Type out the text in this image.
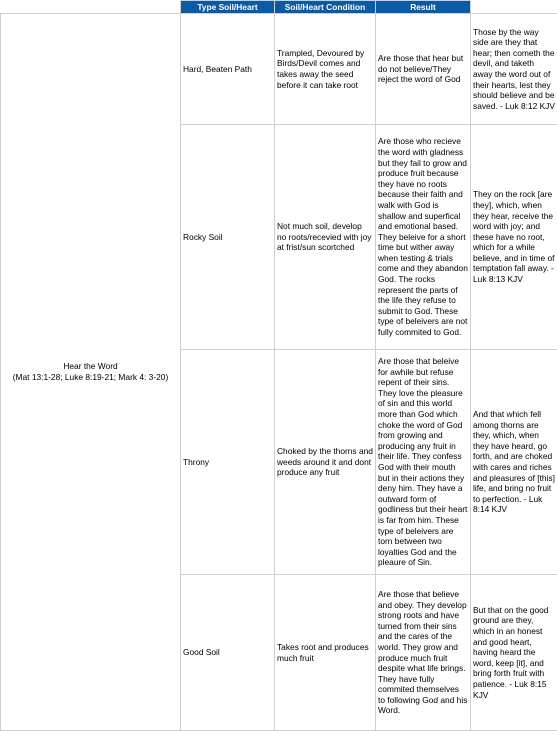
	Type Soil/Heart	Soil/Heart Condition	Result	

Hear the Word
(Mat 13:1-28; Luke 8:19-21; Mark 4: 3-20)	Hard, Beaten Path	Trampled, Devoured by Birds/Devil comes and takes away the seed before it can take root	Are those that hear but do not believe/They reject the word of God	Those by the way side are they that hear; then cometh the devil, and taketh away the word out of their hearts, lest they should believe and be saved. - Luk 8:12 KJV
	Rocky Soil	Not much soil, develop no roots/recevied with joy at frist/sun scortched	Are those who recieve the word with gladness but they fail to grow and produce fruit because they have no roots because their faith and walk with God is shallow and superfical and emotional based. They beleive for a short time but wither away when testing & trials come and they abandon God. The rocks represent the parts of the life they refuse to submit to God. These type of beleivers are not fully commited to God.	They on the rock [are they], which, when they hear, receive the word with joy; and these have no root, which for a while believe, and in time of temptation fall away. - Luk 8:13 KJV
	Throny	Choked by the thorns and weeds around it and dont produce any fruit	Are those that beleive for awhile but refuse repent of their sins. They love the pleasure of sin and this world more than God which choke the word of God from growing and producing any fruit in their life. They confess God with their mouth but in their actions they deny him. They have a outward form of godliness but their heart is far from him. These type of beleivers are torn between two loyalties God and the pleaure of Sin.	And that which fell among thorns are they, which, when they have heard, go forth, and are choked with cares and riches and pleasures of [this] life, and bring no fruit to perfection. - Luk 8:14 KJV
	Good Soil	Takes root and produces much fruit	Are those that believe and obey. They develop strong roots and have turned from their sins and the cares of the world. They grow and produce much fruit despite what life brings. They have fully commited themselves to following God and his Word.	But that on the good ground are they, which in an honest and good heart, having heard the word, keep [it], and bring forth fruit with patience. - Luk 8:15 KJV
